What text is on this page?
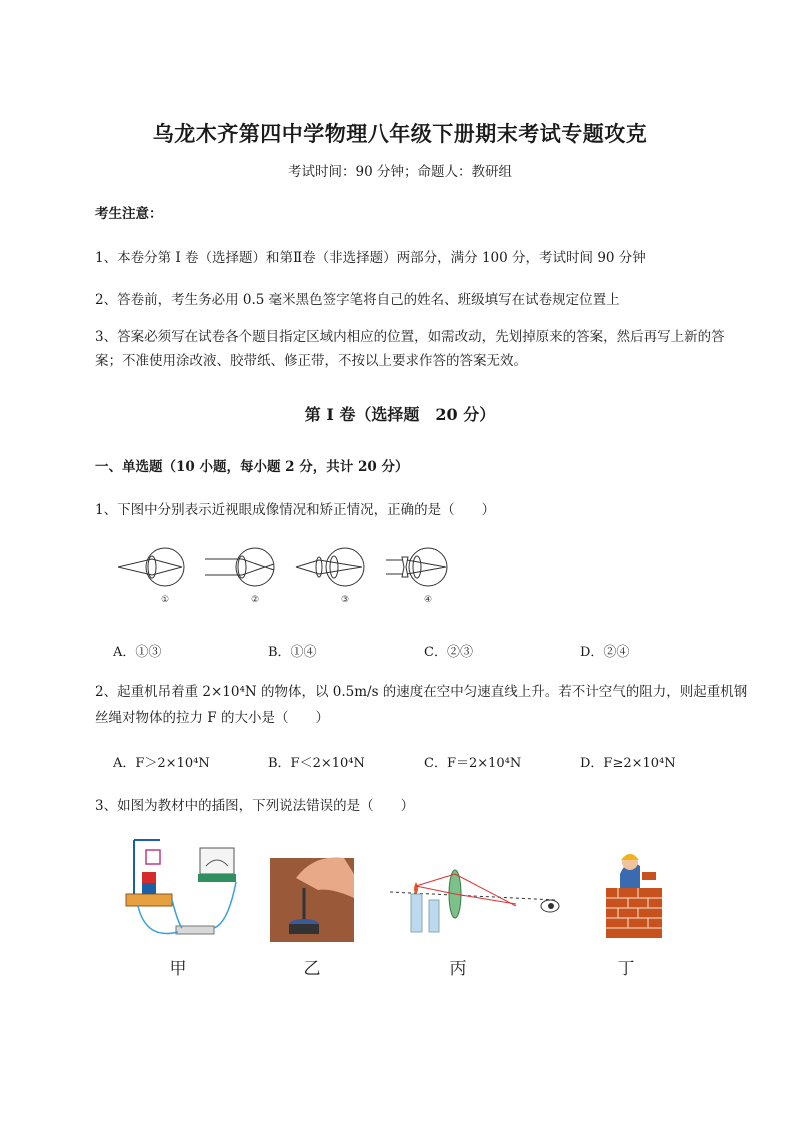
乌龙木齐第四中学物理八年级下册期末考试专题攻克
考试时间：90 分钟；命题人：教研组
考生注意：
1、本卷分第 I 卷（选择题）和第Ⅱ卷（非选择题）两部分，满分 100 分，考试时间 90 分钟
2、答卷前，考生务必用 0.5 毫米黑色签字笔将自己的姓名、班级填写在试卷规定位置上
3、答案必须写在试卷各个题目指定区域内相应的位置，如需改动，先划掉原来的答案，然后再写上新的答案；不准使用涂改液、胶带纸、修正带，不按以上要求作答的答案无效。
第 I 卷（选择题　20 分）
一、单选题（10 小题，每小题 2 分，共计 20 分）
1、下图中分别表示近视眼成像情况和矫正情况，正确的是（　　）
①	②	③	④
A．①③	B．①④	C．②③	D．②④
2、起重机吊着重 2×10⁴N 的物体，以 0.5m/s 的速度在空中匀速直线上升。若不计空气的阻力，则起重机钢丝绳对物体的拉力 F 的大小是（　　）
A．F＞2×10⁴N	B．F＜2×10⁴N	C．F＝2×10⁴N	D．F≥2×10⁴N
3、如图为教材中的插图，下列说法错误的是（　　）
甲	乙	丙	丁
